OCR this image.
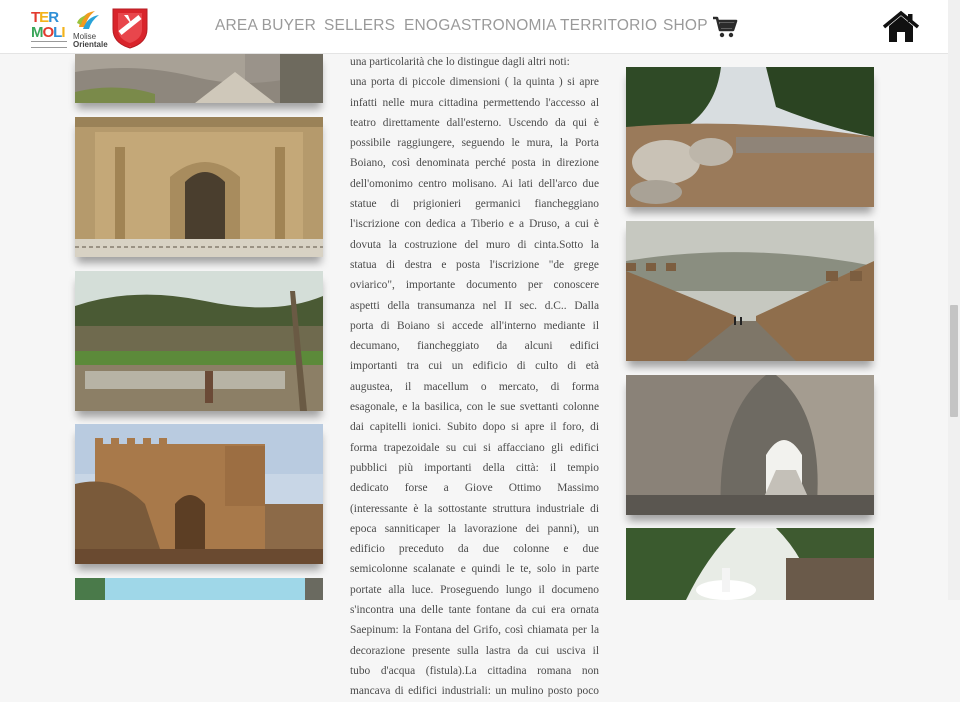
TER
MOLI Molise
Orientale	.
AREA BUYER SELLERS ENOGASTRONOMIA TERRITORIO SHOP
una particolarità che lo distingue dagli altri noti:
una porta di piccole dimensioni ( la quinta ) si apre
infatti nelle mura cittadina permettendo l'accesso al
teatro direttamente dall'esterno. Uscendo da qui è
possibile raggiungere, seguendo le mura, la Porta
Boiano, così denominata perché posta in direzione
dell'omonimo centro molisano. Ai lati dell'arco due
statue di prigionieri germanici fiancheggiano
l'iscrizione con dedica a Tiberio e a Druso, a cui è
dovuta la costruzione del muro di cinta.Sotto la
statua di destra e posta l'iscrizione "de grege
oviarico", importante documento per conoscere
aspetti della transumanza nel II sec. d.C.. Dalla
porta di Boiano si accede all'interno mediante il
decumano, fiancheggiato da alcuni edifici
importanti tra cui un edificio di culto di età
augustea, il macellum o mercato, di forma
esagonale, e la basilica, con le sue svettanti colonne
dai capitelli ionici. Subito dopo si apre il foro, di
forma trapezoidale su cui si affacciano gli edifici
pubblici più importanti della città: il tempio
dedicato forse a Giove Ottimo Massimo
(interessante è la sottostante struttura industriale di
epoca sanniticaper la lavorazione dei panni), un
edificio preceduto da due colonne e due
semicolonne scalanate e quindi le te, solo in parte
portate alla luce. Proseguendo lungo il documeno
s'incontra una delle tante fontane da cui era ornata
Saepinum: la Fontana del Grifo, così chiamata per la
decorazione presente sulla lastra da cui usciva il
tubo d'acqua (fistula).La cittadina romana non
mancava di edifici industriali: un mulino posto poco
